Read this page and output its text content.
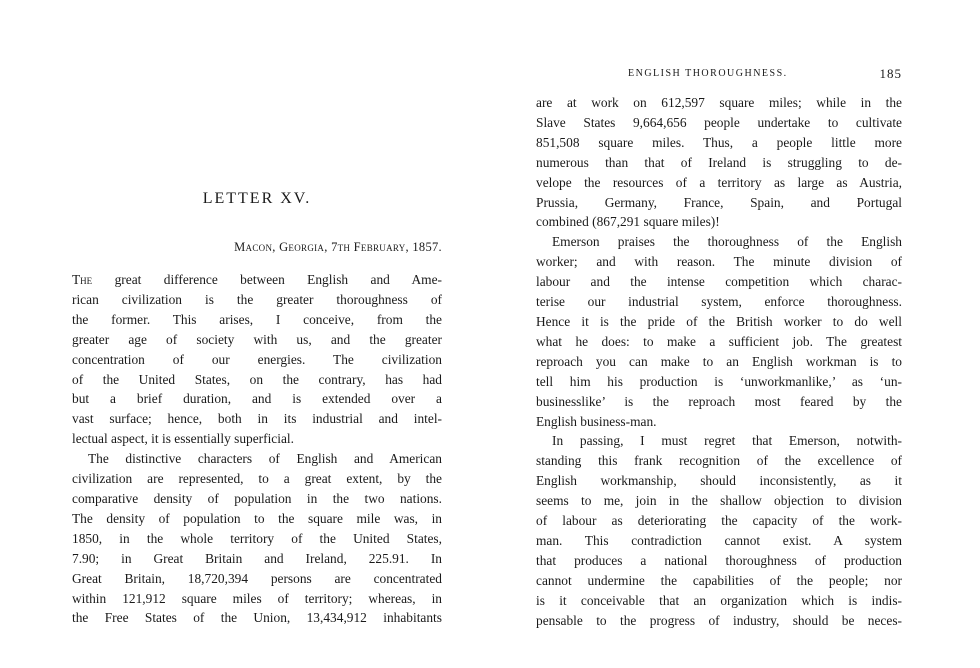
LETTER XV.

Macon, Georgia, 7th February, 1857.

The great difference between English and Ame-
rican civilization is the greater thoroughness of
the former. This arises, I conceive, from the
greater age of society with us, and the greater
concentration of our energies. The civilization
of the United States, on the contrary, has had
but a brief duration, and is extended over a
vast surface; hence, both in its industrial and intel-
lectual aspect, it is essentially superficial.

The distinctive characters of English and American
civilization are represented, to a great extent, by the
comparative density of population in the two nations.
The density of population to the square mile was, in
1850, in the whole territory of the United States,
7.90; in Great Britain and Ireland, 225.91. In
Great Britain, 18,720,394 persons are concentrated
within 121,912 square miles of territory; whereas, in
the Free States of the Union, 13,434,912 inhabitants

ENGLISH THOROUGHNESS.	185

are at work on 612,597 square miles; while in the
Slave States 9,664,656 people undertake to cultivate
851,508 square miles. Thus, a people little more
numerous than that of Ireland is struggling to de-
velope the resources of a territory as large as Austria,
Prussia, Germany, France, Spain, and Portugal
combined (867,291 square miles)!

Emerson praises the thoroughness of the English
worker; and with reason. The minute division of
labour and the intense competition which charac-
terise our industrial system, enforce thoroughness.
Hence it is the pride of the British worker to do well
what he does: to make a sufficient job. The greatest
reproach you can make to an English workman is to
tell him his production is ‘unworkmanlike,’ as ‘un-
businesslike’ is the reproach most feared by the
English business-man.

In passing, I must regret that Emerson, notwith-
standing this frank recognition of the excellence of
English workmanship, should inconsistently, as it
seems to me, join in the shallow objection to division
of labour as deteriorating the capacity of the work-
man. This contradiction cannot exist. A system
that produces a national thoroughness of production
cannot undermine the capabilities of the people; nor
is it conceivable that an organization which is indis-
pensable to the progress of industry, should be neces-
